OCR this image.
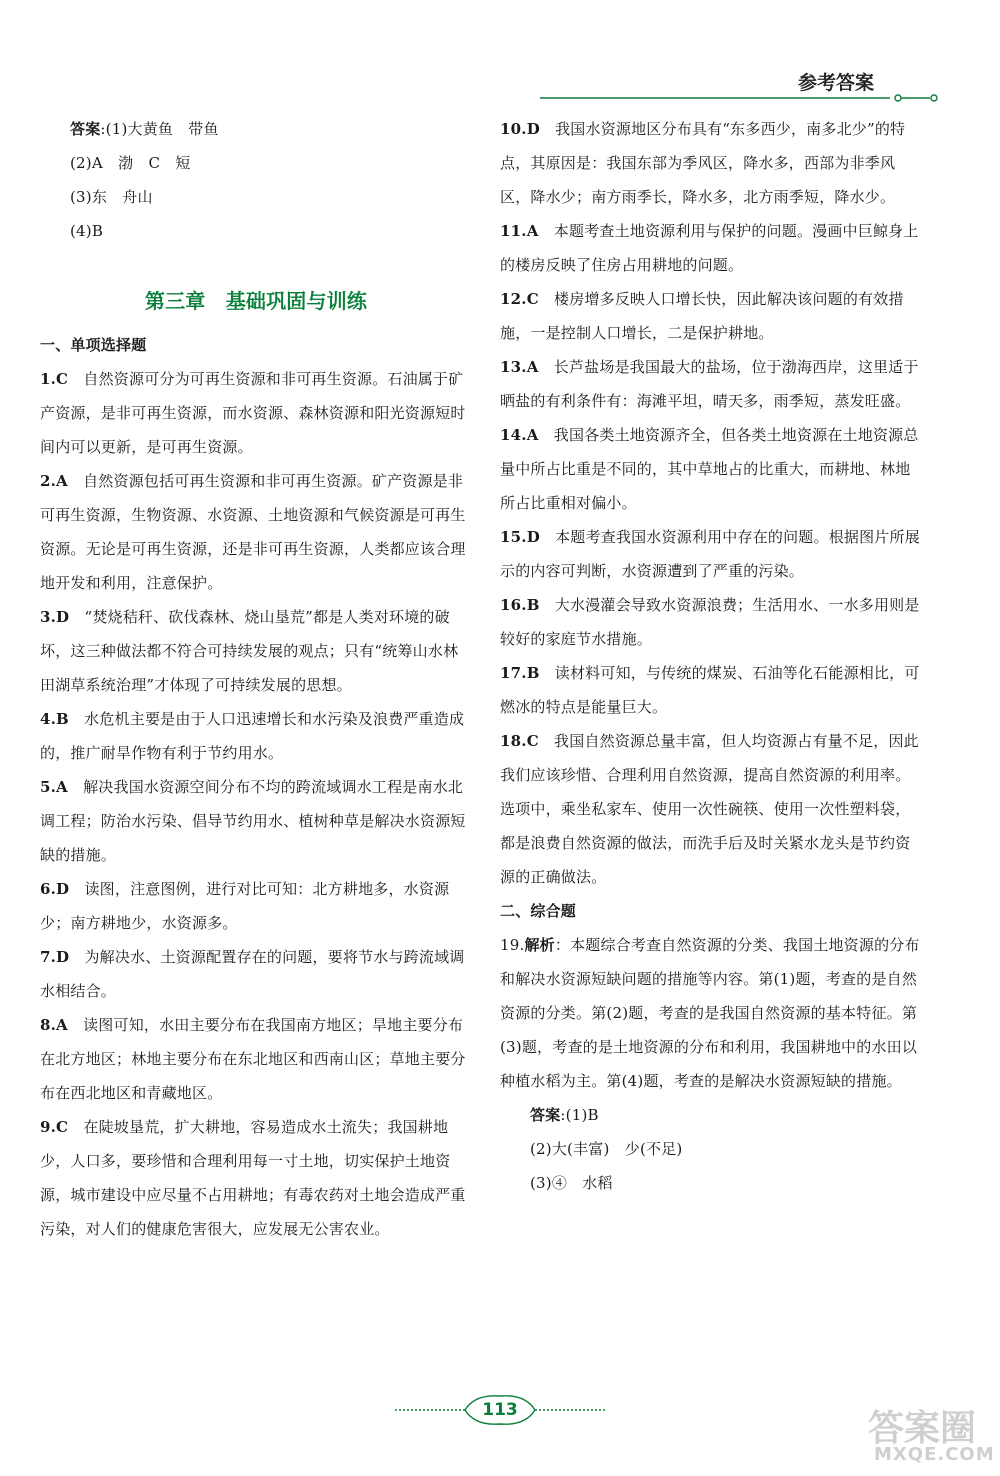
参考答案
答案:(1)大黄鱼　带鱼
(2)A　渤　C　短
(3)东　舟山
(4)B
第三章　基础巩固与训练
一、单项选择题
1.C　自然资源可分为可再生资源和非可再生资源。石油属于矿产资源，是非可再生资源，而水资源、森林资源和阳光资源短时间内可以更新，是可再生资源。
2.A　自然资源包括可再生资源和非可再生资源。矿产资源是非可再生资源，生物资源、水资源、土地资源和气候资源是可再生资源。无论是可再生资源，还是非可再生资源，人类都应该合理地开发和利用，注意保护。
3.D　“焚烧秸秆、砍伐森林、烧山垦荒”都是人类对环境的破坏，这三种做法都不符合可持续发展的观点；只有“统筹山水林田湖草系统治理”才体现了可持续发展的思想。
4.B　水危机主要是由于人口迅速增长和水污染及浪费严重造成的，推广耐旱作物有利于节约用水。
5.A　解决我国水资源空间分布不均的跨流域调水工程是南水北调工程；防治水污染、倡导节约用水、植树种草是解决水资源短缺的措施。
6.D　读图，注意图例，进行对比可知：北方耕地多，水资源少；南方耕地少，水资源多。
7.D　为解决水、土资源配置存在的问题，要将节水与跨流域调水相结合。
8.A　读图可知，水田主要分布在我国南方地区；旱地主要分布在北方地区；林地主要分布在东北地区和西南山区；草地主要分布在西北地区和青藏地区。
9.C　在陡坡垦荒，扩大耕地，容易造成水土流失；我国耕地少，人口多，要珍惜和合理利用每一寸土地，切实保护土地资源，城市建设中应尽量不占用耕地；有毒农药对土地会造成严重污染，对人们的健康危害很大，应发展无公害农业。
10.D　我国水资源地区分布具有“东多西少，南多北少”的特点，其原因是：我国东部为季风区，降水多，西部为非季风区，降水少；南方雨季长，降水多，北方雨季短，降水少。
11.A　本题考查土地资源利用与保护的问题。漫画中巨鲸身上的楼房反映了住房占用耕地的问题。
12.C　楼房增多反映人口增长快，因此解决该问题的有效措施，一是控制人口增长，二是保护耕地。
13.A　长芦盐场是我国最大的盐场，位于渤海西岸，这里适于晒盐的有利条件有：海滩平坦，晴天多，雨季短，蒸发旺盛。
14.A　我国各类土地资源齐全，但各类土地资源在土地资源总量中所占比重是不同的，其中草地占的比重大，而耕地、林地所占比重相对偏小。
15.D　本题考查我国水资源利用中存在的问题。根据图片所展示的内容可判断，水资源遭到了严重的污染。
16.B　大水漫灌会导致水资源浪费；生活用水、一水多用则是较好的家庭节水措施。
17.B　读材料可知，与传统的煤炭、石油等化石能源相比，可燃冰的特点是能量巨大。
18.C　我国自然资源总量丰富，但人均资源占有量不足，因此我们应该珍惜、合理利用自然资源，提高自然资源的利用率。选项中，乘坐私家车、使用一次性碗筷、使用一次性塑料袋，都是浪费自然资源的做法，而洗手后及时关紧水龙头是节约资源的正确做法。
二、综合题
19.解析：本题综合考查自然资源的分类、我国土地资源的分布和解决水资源短缺问题的措施等内容。第(1)题，考查的是自然资源的分类。第(2)题，考查的是我国自然资源的基本特征。第(3)题，考查的是土地资源的分布和利用，我国耕地中的水田以种植水稻为主。第(4)题，考查的是解决水资源短缺的措施。
答案:(1)B
(2)大(丰富)　少(不足)
(3)④　水稻
113	答案圈
MXQE.COM
